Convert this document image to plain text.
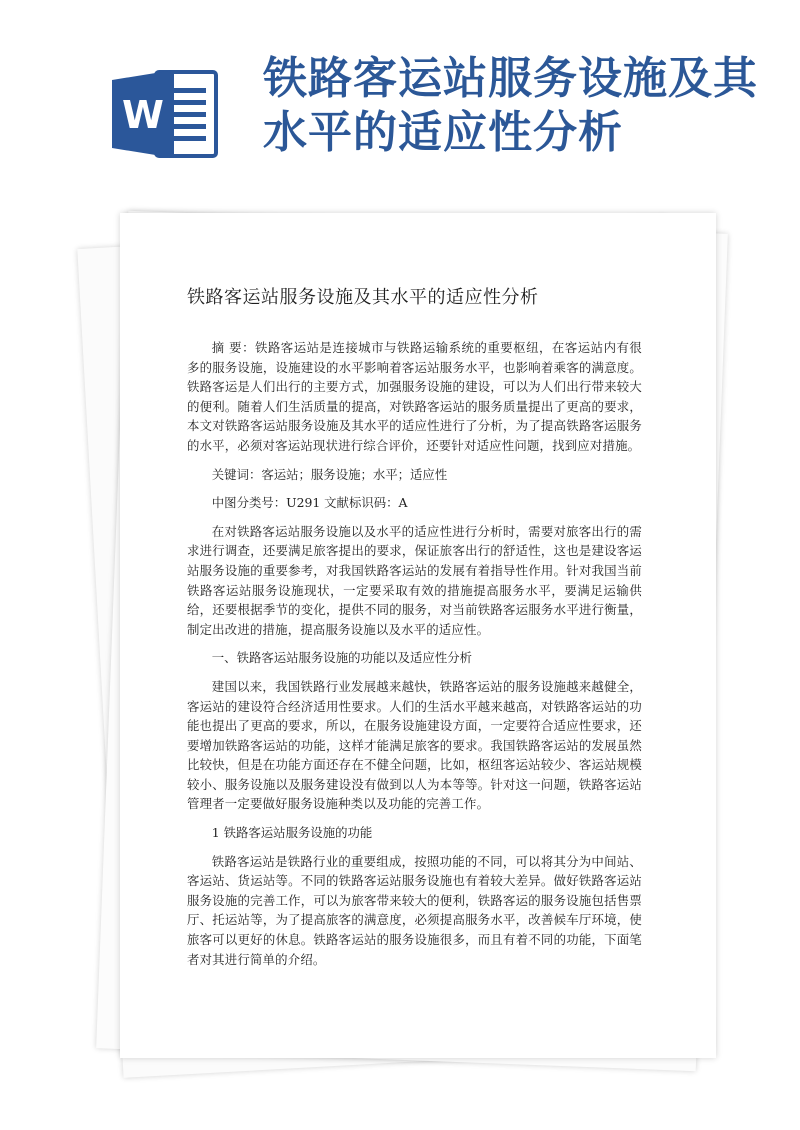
W
铁路客运站服务设施及其水平的适应性分析
铁路客运站服务设施及其水平的适应性分析

摘 要：铁路客运站是连接城市与铁路运输系统的重要枢纽，在客运站内有很多的服务设施，设施建设的水平影响着客运站服务水平，也影响着乘客的满意度。铁路客运是人们出行的主要方式，加强服务设施的建设，可以为人们出行带来较大的便利。随着人们生活质量的提高，对铁路客运站的服务质量提出了更高的要求，本文对铁路客运站服务设施及其水平的适应性进行了分析，为了提高铁路客运服务的水平，必须对客运站现状进行综合评价，还要针对适应性问题，找到应对措施。

关键词：客运站；服务设施；水平；适应性

中图分类号：U291 文献标识码：A

在对铁路客运站服务设施以及水平的适应性进行分析时，需要对旅客出行的需求进行调查，还要满足旅客提出的要求，保证旅客出行的舒适性，这也是建设客运站服务设施的重要参考，对我国铁路客运站的发展有着指导性作用。针对我国当前铁路客运站服务设施现状，一定要采取有效的措施提高服务水平，要满足运输供给，还要根据季节的变化，提供不同的服务，对当前铁路客运服务水平进行衡量，制定出改进的措施，提高服务设施以及水平的适应性。

一、铁路客运站服务设施的功能以及适应性分析

建国以来，我国铁路行业发展越来越快，铁路客运站的服务设施越来越健全，客运站的建设符合经济适用性要求。人们的生活水平越来越高，对铁路客运站的功能也提出了更高的要求，所以，在服务设施建设方面，一定要符合适应性要求，还要增加铁路客运站的功能，这样才能满足旅客的要求。我国铁路客运站的发展虽然比较快，但是在功能方面还存在不健全问题，比如，枢纽客运站较少、客运站规模较小、服务设施以及服务建设没有做到以人为本等等。针对这一问题，铁路客运站管理者一定要做好服务设施种类以及功能的完善工作。

1 铁路客运站服务设施的功能

铁路客运站是铁路行业的重要组成，按照功能的不同，可以将其分为中间站、客运站、货运站等。不同的铁路客运站服务设施也有着较大差异。做好铁路客运站服务设施的完善工作，可以为旅客带来较大的便利，铁路客运的服务设施包括售票厅、托运站等，为了提高旅客的满意度，必须提高服务水平，改善候车厅环境，使旅客可以更好的休息。铁路客运站的服务设施很多，而且有着不同的功能，下面笔者对其进行简单的介绍。
